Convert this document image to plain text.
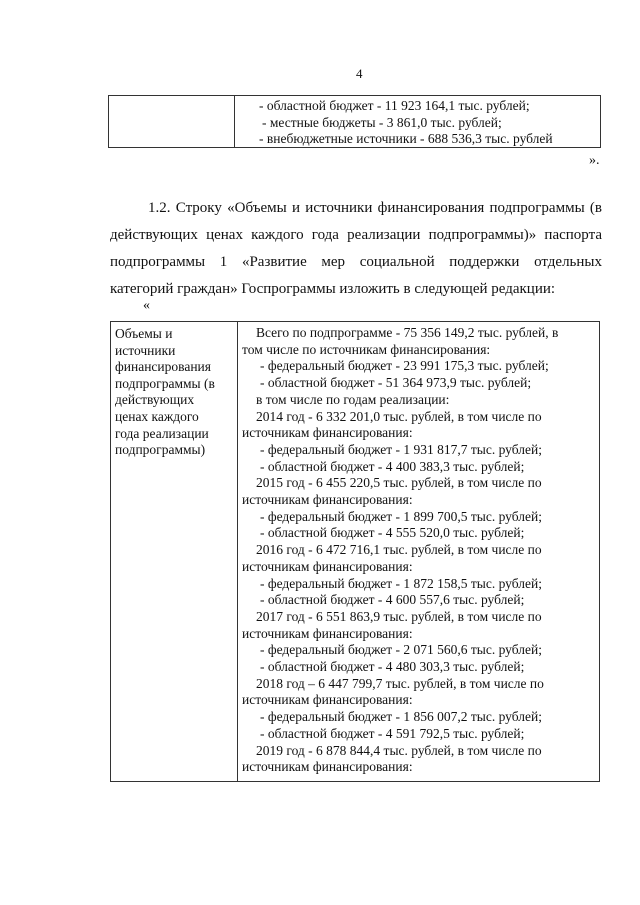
4
- областной бюджет - 11 923 164,1 тыс. рублей;
- местные бюджеты - 3 861,0 тыс. рублей;
- внебюджетные источники - 688 536,3 тыс. рублей
».
1.2. Строку «Объемы и источники финансирования подпрограммы (в действующих ценах каждого года реализации подпрограммы)» паспорта подпрограммы 1 «Развитие мер социальной поддержки отдельных категорий граждан» Госпрограммы изложить в следующей редакции:
«
Объемы и
источники
финансирования
подпрограммы (в
действующих
ценах каждого
года реализации
подпрограммы)
Всего по подпрограмме - 75 356 149,2 тыс. рублей, в
том числе по источникам финансирования:
- федеральный бюджет - 23 991 175,3 тыс. рублей;
- областной бюджет - 51 364 973,9 тыс. рублей;
в том числе по годам реализации:
2014 год - 6 332 201,0 тыс. рублей, в том числе по
источникам финансирования:
- федеральный бюджет - 1 931 817,7 тыс. рублей;
- областной бюджет - 4 400 383,3 тыс. рублей;
2015 год - 6 455 220,5 тыс. рублей, в том числе по
источникам финансирования:
- федеральный бюджет - 1 899 700,5 тыс. рублей;
- областной бюджет - 4 555 520,0 тыс. рублей;
2016 год - 6 472 716,1 тыс. рублей, в том числе по
источникам финансирования:
- федеральный бюджет - 1 872 158,5 тыс. рублей;
- областной бюджет - 4 600 557,6 тыс. рублей;
2017 год - 6 551 863,9 тыс. рублей, в том числе по
источникам финансирования:
- федеральный бюджет - 2 071 560,6 тыс. рублей;
- областной бюджет - 4 480 303,3 тыс. рублей;
2018 год – 6 447 799,7 тыс. рублей, в том числе по
источникам финансирования:
- федеральный бюджет - 1 856 007,2 тыс. рублей;
- областной бюджет - 4 591 792,5 тыс. рублей;
2019 год - 6 878 844,4 тыс. рублей, в том числе по
источникам финансирования:
